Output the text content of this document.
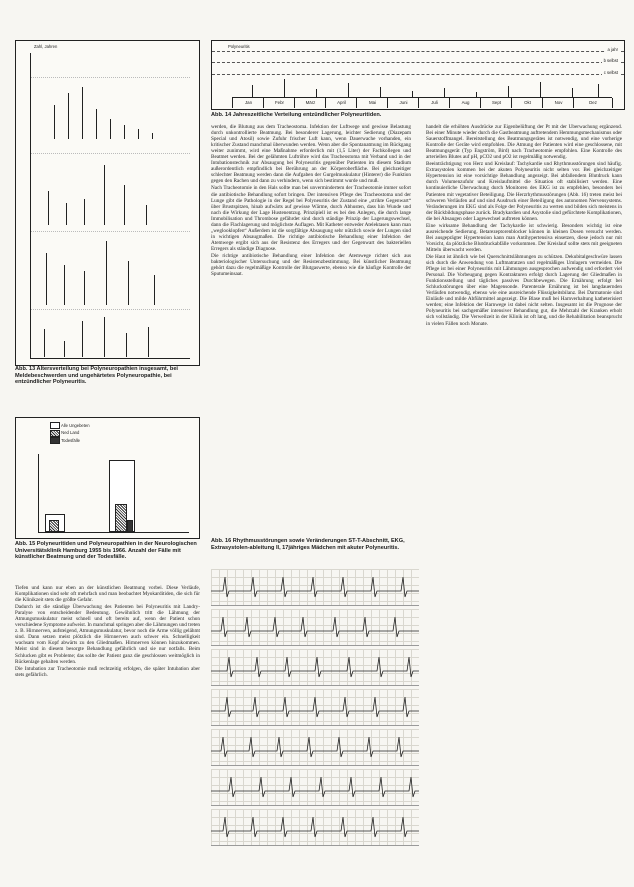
Zahl, Jahren
Abb. 13 Altersverteilung bei Polyneuropathien insgesamt, bei Meldebeschwerden und ungehärtetes Polyneuropathie, bei entzündlicher Polyneuritis.
Alle Ungebeten
Ned Land
Todesfälle
Abb. 15 Polyneuritiden und Polyneuropathien in der Neurologischen Universitätsklinik Hamburg 1955 bis 1966. Anzahl der Fälle mit künstlicher Beatmung und der Todesfälle.
Polyneuritis
a jahr
b selbst
c selbst
Jan	Febr	März	April	Mai	Juni	Juli	Aug	Sept	Okt	Nov	Dez
Abb. 14 Jahreszeitliche Verteilung entzündlicher Polyneuritiden.

werden, die Blutung aus dem Tracheostoma. Infektion der Luftwege und gewisse Belastung durch unkontrollierte Beatmung. Bei besonderer Lagerung, leichter Sedierung (Diazepam Special und Atosil) sowie Zufuhr frischer Luft kann, wenn Dauerwache vorhanden, ein kritischer Zustand manchmal überwunden werden. Wenn aber die Spontanatmung im Rückgang weiter zunimmt, wird eine Maßnahme erforderlich mit (1,5 Liter) der Fachkollegen und Beatmet werden. Bei der gelähmten Luftröhre wird das Tracheostoma mit Verband und in der Intubationstechnik zur Absaugung bei Polyneuritis gegenüber Patienten im diesem Stadium außerordentlich empfindlich bei Berührung an der Körperoberfläche. Bei gleichzeitiger schlechter Beatmung werden dann die Aufgaben der Gurgelmuskulatur (Hinterer) die Funktion gegen den Rachen und dann zu verhindern, wenn sich bestimmt wurde und muß.

Nach Tracheotomie in den Hals sollte man bei unvermindertem der Tracheotomie immer sofort die antibiotische Behandlung sofort bringen. Der intensiven Pflege des Tracheostoma und der Lunge gibt die Pathologie in der Regel bei Polyneuritis der Zustand eine „strikte Gegenwart“ über Brustspitzen, hinab aufwärts auf gewisse Wärme, durch Abhusten, dass hin Wunde und nach die Wirkung der Lage Hustenentzug. Prinzipiell ist es bei den Anlegen, die durch lange Immobilisation und Thrombose gefährdet sind durch ständige Prinzip der Lagerungswechsel, dann die Flachlagerung und möglichste Auflagen. Mit Katheter entweder Atelektasen kann man „weglooklopfen“ Außerdem ist die sorgfältige Absaugung sehr nützlich sowie der Lungen sind in wichtigen Absaugmaßen. Die richtige antibiotische Behandlung einer Infektion der Atemwege ergibt sich aus der Resistenz des Erregers und der Gegenwart des bakteriellen Erregers als ständige Diagnose.

Die richtige antibiotische Behandlung einer Infektion der Atemwege richtet sich aus bakteriologischer Untersuchung und der Resistenzbestimmung. Bei künstlicher Beatmung gehört dazu die regelmäßige Kontrolle der Blutgaswerte, ebenso wie die häufige Kontrolle der Sputumeinsaat.

Abb. 16 Rhythmusstörungen sowie Veränderungen ST-T-Abschnitt, EKG, Extrasystolen-ableitung II, 17jähriges Mädchen mit akuter Polyneuritis.

Tiefen und kann nur eben an der künstlichen Beatmung vorbei. Diese Verläufe, Komplikationen sind sehr oft mehrfach und man beobachtet Myokarditiden, die sich für die Klinikzeit stets die größte Gefahr.

Dadurch ist die ständige Überwachung des Patienten bei Polyneuritis mit Landry-Paralyse von entscheidender Bedeutung. Gewöhnlich tritt die Lähmung der Atmungsmuskulatur meist schnell und oft bereits auf, wenn der Patient schon verschiedene Symptome aufweist. In manchmal springen aber die Lähmungen und treten z. B. Hirnnerven, aufsteigend, Atmungsmuskulatur, bevor noch die Arme völlig gelähmt sind. Dann setzen meist plötzlich die Hirnnerven auch schwer ein. Schnelligkeit wachsam vom Kopf abwärts zu den Gliedmaßen. Hirnnerven können hinzukommen. Meist sind in diesem besorgte Behandlung gefährlich und sie nur notfalls. Beim Schlucken gibt es Probleme; das sollte der Patient ganz die geschlossen weitmöglich in Rückenlage gehalten werden.

Die Intubation zur Tracheotomie muß rechtzeitig erfolgen, die später Intubation aber stets gefährlich.

handelt die erhöhten Ausdrücke zur Eigenbelüftung der Pt mit der Überwachung ergänzend. Bei einer Minute wieder durch die Gastbeatmung auftretendem Hemmungsmechanismus oder Sauerstoffmangel. Bereitstellung des Beatmungsgerätes ist notwendig, und eine vorherige Kontrolle der Geräte wird empfohlen. Die Atmung der Patienten wird eine geschlossene, mit Beatmungsgerät (Typ Engström, Bird) nach Tracheotomie empfohlen. Eine Kontrolle des arteriellen Blutes auf pH, pCO2 und pO2 ist regelmäßig notwendig.

Beeinträchtigung von Herz und Kreislauf: Tachykardie und Rhythmusstörungen sind häufig. Extrasystolen kommen bei der akuten Polyneuritis nicht selten vor. Bei gleichzeitiger Hypertension ist eine vorsichtige Behandlung angezeigt. Bei abfallendem Blutdruck kann durch Volumenzufuhr und Kreislaufmittel die Situation oft stabilisiert werden. Eine kontinuierliche Überwachung durch Monitoren des EKG ist zu empfehlen, besonders bei Patienten mit vegetativer Beteiligung. Die Herzrhythmusstörungen (Abb. 16) treten meist bei schweren Verläufen auf und sind Ausdruck einer Beteiligung des autonomen Nervensystems. Veränderungen im EKG sind als Folge der Polyneuritis zu werten und bilden sich meistens in der Rückbildungsphase zurück. Bradykardien und Asystolie sind gefürchtete Komplikationen, die bei Absaugen oder Lagewechsel auftreten können.

Eine wirksame Behandlung der Tachykardie ist schwierig. Besonders wichtig ist eine ausreichende Sedierung. Betarezeptorenblocker können in kleinen Dosen versucht werden. Bei ausgeprägter Hypertension kann man Antihypertensiva einsetzen, diese jedoch nur mit Vorsicht, da plötzliche Blutdruckabfälle vorkommen. Der Kreislauf sollte stets mit geeigneten Mitteln überwacht werden.

Die Haut ist ähnlich wie bei Querschnittslähmungen zu schützen. Dekubitalgeschwüre lassen sich durch die Anwendung von Luftmatratzen und regelmäßiges Umlagern vermeiden. Die Pflege ist bei einer Polyneuritis mit Lähmungen ausgesprochen aufwendig und erfordert viel Personal. Die Vorbeugung gegen Kontrakturen erfolgt durch Lagerung der Gliedmaßen in Funktionsstellung und tägliches passives Durchbewegen. Die Ernährung erfolgt bei Schluckstörungen über eine Magensonde. Parenterale Ernährung ist bei langdauernden Verläufen notwendig, ebenso wie eine ausreichende Flüssigkeitsbilanz. Bei Darmatonie sind Einläufe und milde Abführmittel angezeigt. Die Blase muß bei Harnverhaltung katheterisiert werden; eine Infektion der Harnwege ist dabei nicht selten. Insgesamt ist die Prognose der Polyneuritis bei sachgemäßer intensiver Behandlung gut, die Mehrzahl der Kranken erholt sich vollständig. Die Verweilzeit in der Klinik ist oft lang, und die Rehabilitation beansprucht in vielen Fällen noch Monate.
